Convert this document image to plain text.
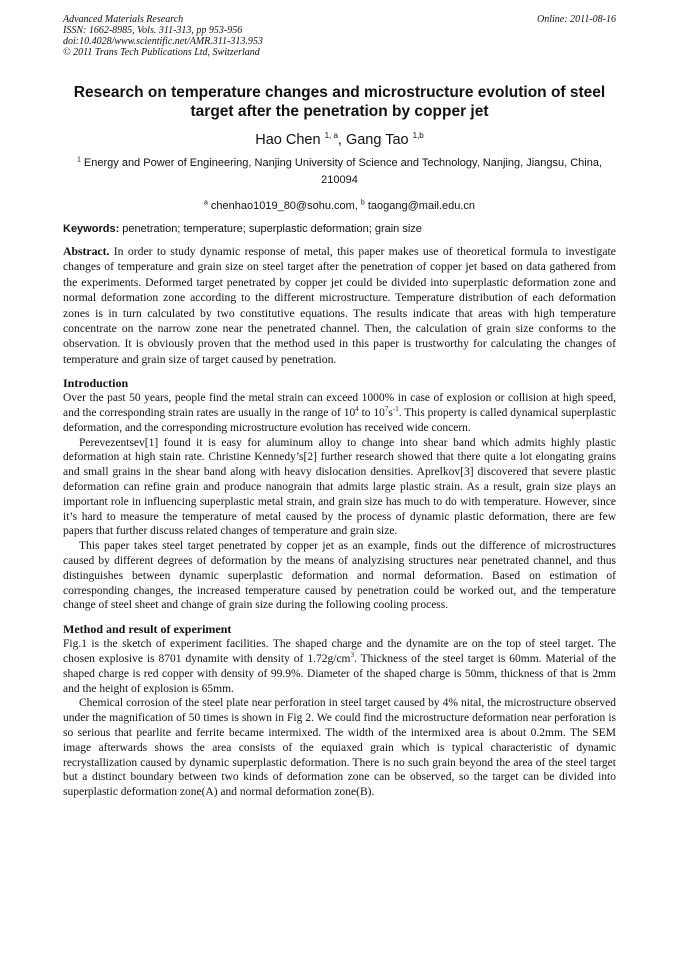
Advanced Materials Research
ISSN: 1662-8985, Vols. 311-313, pp 953-956
doi:10.4028/www.scientific.net/AMR.311-313.953
© 2011 Trans Tech Publications Ltd, Switzerland
Online: 2011-08-16
Research on temperature changes and microstructure evolution of steel target after the penetration by copper jet
Hao Chen $^{1, a}$, Gang Tao $^{1,b}$
$^1$ Energy and Power of Engineering, Nanjing University of Science and Technology, Nanjing, Jiangsu, China, 210094
$^a$ chenhao1019_80@sohu.com, $^b$ taogang@mail.edu.cn
Keywords: penetration; temperature; superplastic deformation; grain size

Abstract. In order to study dynamic response of metal, this paper makes use of theoretical formula to investigate changes of temperature and grain size on steel target after the penetration of copper jet based on data gathered from the experiments. Deformed target penetrated by copper jet could be divided into superplastic deformation zone and normal deformation zone according to the different microstructure. Temperature distribution of each deformation zones is in turn calculated by two constitutive equations. The results indicate that areas with high temperature concentrate on the narrow zone near the penetrated channel. Then, the calculation of grain size conforms to the observation. It is obviously proven that the method used in this paper is trustworthy for calculating the changes of temperature and grain size of target caused by penetration.

Introduction

Over the past 50 years, people find the metal strain can exceed 1000% in case of explosion or collision at high speed, and the corresponding strain rates are usually in the range of $10^4$ to $10^7s^{-1}$. This property is called dynamical superplastic deformation, and the corresponding microstructure evolution has received wide concern.

Perevezentsev[1] found it is easy for aluminum alloy to change into shear band which admits highly plastic deformation at high stain rate. Christine Kennedy’s[2] further research showed that there quite a lot elongating grains and small grains in the shear band along with heavy dislocation densities. Aprelkov[3] discovered that severe plastic deformation can refine grain and produce nanograin that admits large plastic strain. As a result, grain size plays an important role in influencing superplastic metal strain, and grain size has much to do with temperature. However, since it’s hard to measure the temperature of metal caused by the process of dynamic plastic deformation, there are few papers that further discuss related changes of temperature and grain size.

This paper takes steel target penetrated by copper jet as an example, finds out the difference of microstructures caused by different degrees of deformation by the means of analyzising structures near penetrated channel, and thus distinguishes between dynamic superplastic deformation and normal deformation. Based on estimation of corresponding changes, the increased temperature caused by penetration could be worked out, and the temperature change of steel sheet and change of grain size during the following cooling process.

Method and result of experiment

Fig.1 is the sketch of experiment facilities. The shaped charge and the dynamite are on the top of steel target. The chosen explosive is 8701 dynamite with density of $1.72g/cm^3$. Thickness of the steel target is 60mm. Material of the shaped charge is red copper with density of 99.9%. Diameter of the shaped charge is 50mm, thickness of that is 2mm and the height of explosion is 65mm.

Chemical corrosion of the steel plate near perforation in steel target caused by 4% nital, the microstructure observed under the magnification of 50 times is shown in Fig 2. We could find the microstructure deformation near perforation is so serious that pearlite and ferrite became intermixed. The width of the intermixed area is about 0.2mm. The SEM image afterwards shows the area consists of the equiaxed grain which is typical characteristic of dynamic recrystallization caused by dynamic superplastic deformation. There is no such grain beyond the area of the steel target but a distinct boundary between two kinds of deformation zone can be observed, so the target can be divided into superplastic deformation zone(A) and normal deformation zone(B).
